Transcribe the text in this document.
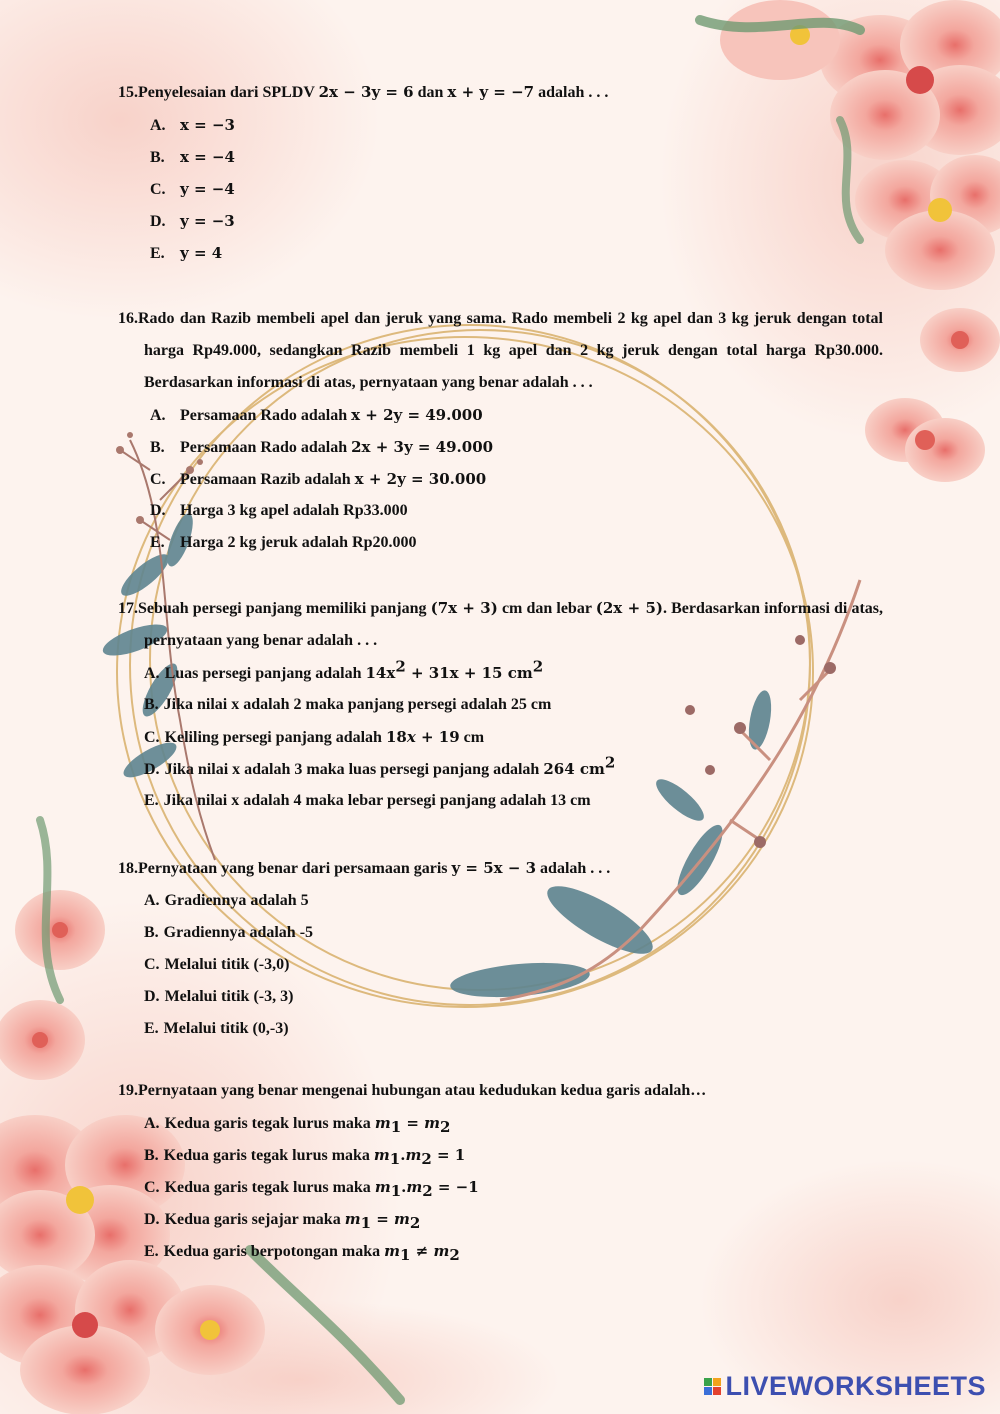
15.Penyelesaian dari SPLDV 2x − 3y = 6 dan x + y = −7 adalah . . .
A. x = −3
B. x = −4
C. y = −4
D. y = −3
E. y = 4
16.Rado dan Razib membeli apel dan jeruk yang sama. Rado membeli 2 kg apel dan 3 kg jeruk dengan total harga Rp49.000, sedangkan Razib membeli 1 kg apel dan 2 kg jeruk dengan total harga Rp30.000. Berdasarkan informasi di atas, pernyataan yang benar adalah . . .
A. Persamaan Rado adalah x + 2y = 49.000
B. Persamaan Rado adalah 2x + 3y = 49.000
C. Persamaan Razib adalah x + 2y = 30.000
D. Harga 3 kg apel adalah Rp33.000
E. Harga 2 kg jeruk adalah Rp20.000
17.Sebuah persegi panjang memiliki panjang (7x + 3) cm dan lebar (2x + 5). Berdasarkan informasi di atas, pernyataan yang benar adalah . . .
A. Luas persegi panjang adalah $14x^2 + 31x + 15$ $cm^2$
B. Jika nilai x adalah 2 maka panjang persegi adalah 25 cm
C. Keliling persegi panjang adalah 18x + 19 cm
D. Jika nilai x adalah 3 maka luas persegi panjang adalah 264 $cm^2$
E. Jika nilai x adalah 4 maka lebar persegi panjang adalah 13 cm
18.Pernyataan yang benar dari persamaan garis y = 5x − 3 adalah . . .
A. Gradiennya adalah 5
B. Gradiennya adalah -5
C. Melalui titik (-3,0)
D. Melalui titik (-3, 3)
E. Melalui titik (0,-3)
19.Pernyataan yang benar mengenai hubungan atau kedudukan kedua garis adalah…
A. Kedua garis tegak lurus maka $m_1 = m_2$
B. Kedua garis tegak lurus maka $m_1.m_2 = 1$
C. Kedua garis tegak lurus maka $m_1.m_2 = -1$
D. Kedua garis sejajar maka $m_1 = m_2$
E. Kedua garis berpotongan maka $m_1 \ne m_2$
LIVEWORKSHEETS
